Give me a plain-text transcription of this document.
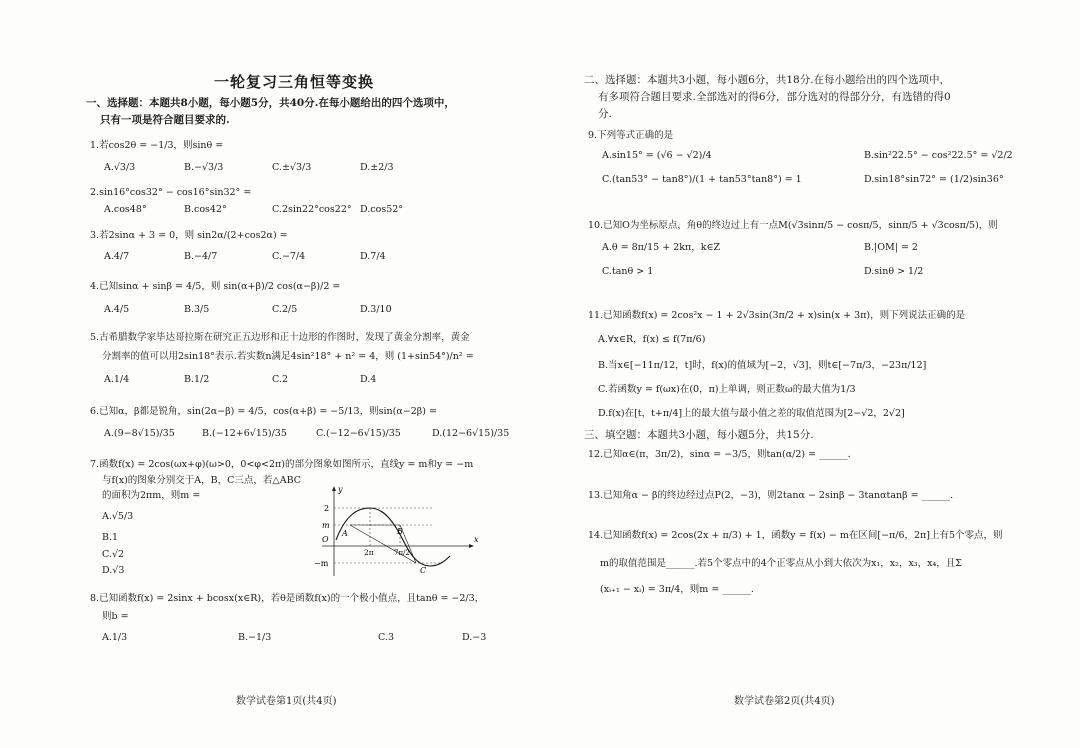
一轮复习三角恒等变换
一、选择题：本题共8小题，每小题5分，共40分.在每小题给出的四个选项中，
只有一项是符合题目要求的.
1.若cos2θ = −1/3，则sinθ =
A.√3/3	B.−√3/3	C.±√3/3	D.±2/3
2.sin16°cos32° − cos16°sin32° =
A.cos48°	B.cos42°	C.2sin22°cos22° D.cos52°
3.若2sinα + 3 = 0，则 sin2α/(2+cos2α) =
A.4/7	B.−4/7	C.−7/4	D.7/4
4.已知sinα + sinβ = 4/5，则 sin(α+β)/2 cos(α−β)/2 =
A.4/5	B.3/5	C.2/5	D.3/10
5.古希腊数学家毕达哥拉斯在研究正五边形和正十边形的作图时，发现了黄金分割率，黄金
分割率的值可以用2sin18°表示.若实数n满足4sin²18° + n² = 4，则 (1+sin54°)/n² =
A.1/4	B.1/2	C.2	D.4
6.已知α，β都是锐角，sin(2α−β) = 4/5，cos(α+β) = −5/13，则sin(α−2β) =
A.(9−8√15)/35	B.(−12+6√15)/35	C.(−12−6√15)/35	D.(12−6√15)/35
7.函数f(x) = 2cos(ωx+φ)(ω>0，0<φ<2π)的部分图象如图所示，直线y = m和y = −m
与f(x)的图象分别交于A，B，C三点，若△ABC
的面积为2πm，则m =
A.√5/3
B.1
C.√2
D.√3
y
x
2
m
O
−m
A	B
C
2π	7π/2
8.已知函数f(x) = 2sinx + bcosx(x∈R)，若θ是函数f(x)的一个极小值点，且tanθ = −2/3，
则b =
A.1/3	B.−1/3	C.3	D.−3
数学试卷第1页(共4页)
二、选择题：本题共3小题，每小题6分，共18分.在每小题给出的四个选项中，
有多项符合题目要求.全部选对的得6分，部分选对的得部分分，有选错的得0
分.
9.下列等式正确的是
A.sin15° = (√6 − √2)/4	B.sin²22.5° − cos²22.5° = √2/2
C.(tan53° − tan8°)/(1 + tan53°tan8°) = 1	D.sin18°sin72° = (1/2)sin36°
10.已知O为坐标原点，角θ的终边过上有一点M(√3sinπ/5 − cosπ/5，sinπ/5 + √3cosπ/5)，则
A.θ = 8π/15 + 2kπ，k∈Z	B.|OM| = 2
C.tanθ > 1	D.sinθ > 1/2
11.已知函数f(x) = 2cos²x − 1 + 2√3sin(3π/2 + x)sin(x + 3π)，则下列说法正确的是
A.∀x∈R，f(x) ≤ f(7π/6)
B.当x∈[−11π/12，t]时，f(x)的值域为[−2，√3]，则t∈[−7π/3，−23π/12]
C.若函数y = f(ωx)在(0，π)上单调，则正数ω的最大值为1/3
D.f(x)在[t，t+π/4]上的最大值与最小值之差的取值范围为[2−√2，2√2]
三、填空题：本题共3小题，每小题5分，共15分.
12.已知α∈(π，3π/2)，sinα = −3/5，则tan(α/2) = ______.
13.已知角α − β的终边经过点P(2，−3)，则2tanα − 2sinβ − 3tanαtanβ = ______.
14.已知函数f(x) = 2cos(2x + π/3) + 1，函数y = f(x) − m在区间[−π/6，2π]上有5个零点，则
m的取值范围是______.若5个零点中的4个正零点从小到大依次为x₁，x₂，x₃，x₄，且Σ
(xᵢ₊₁ − xᵢ) = 3π/4，则m = ______.
数学试卷第2页(共4页)
